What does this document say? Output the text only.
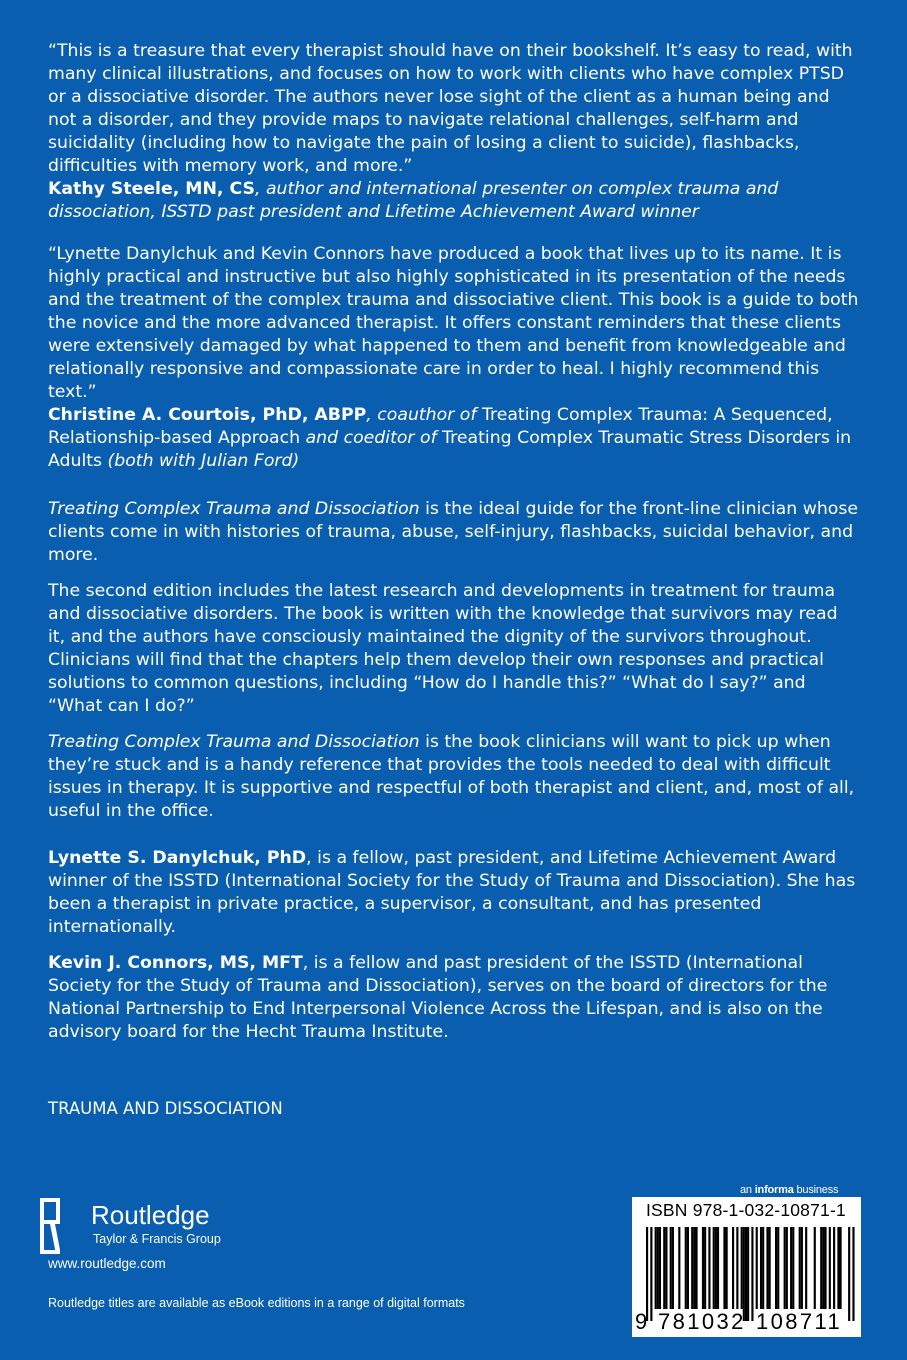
“This is a treasure that every therapist should have on their bookshelf. It’s easy to read, with many clinical illustrations, and focuses on how to work with clients who have complex PTSD or a dissociative disorder. The authors never lose sight of the client as a human being and not a disorder, and they provide maps to navigate relational challenges, self-harm and suicidality (including how to navigate the pain of losing a client to suicide), flashbacks, difficulties with memory work, and more.”
Kathy Steele, MN, CS, author and international presenter on complex trauma and dissociation, ISSTD past president and Lifetime Achievement Award winner

“Lynette Danylchuk and Kevin Connors have produced a book that lives up to its name. It is highly practical and instructive but also highly sophisticated in its presentation of the needs and the treatment of the complex trauma and dissociative client. This book is a guide to both the novice and the more advanced therapist. It offers constant reminders that these clients were extensively damaged by what happened to them and benefit from knowledgeable and relationally responsive and compassionate care in order to heal. I highly recommend this text.”
Christine A. Courtois, PhD, ABPP, coauthor of Treating Complex Trauma: A Sequenced, Relationship-based Approach and coeditor of Treating Complex Traumatic Stress Disorders in Adults (both with Julian Ford)

Treating Complex Trauma and Dissociation is the ideal guide for the front-line clinician whose clients come in with histories of trauma, abuse, self-injury, flashbacks, suicidal behavior, and more.

The second edition includes the latest research and developments in treatment for trauma and dissociative disorders. The book is written with the knowledge that survivors may read it, and the authors have consciously maintained the dignity of the survivors throughout. Clinicians will find that the chapters help them develop their own responses and practical solutions to common questions, including “How do I handle this?” “What do I say?” and “What can I do?”

Treating Complex Trauma and Dissociation is the book clinicians will want to pick up when they’re stuck and is a handy reference that provides the tools needed to deal with difficult issues in therapy. It is supportive and respectful of both therapist and client, and, most of all, useful in the office.

Lynette S. Danylchuk, PhD, is a fellow, past president, and Lifetime Achievement Award winner of the ISSTD (International Society for the Study of Trauma and Dissociation). She has been a therapist in private practice, a supervisor, a consultant, and has presented internationally.

Kevin J. Connors, MS, MFT, is a fellow and past president of the ISSTD (International Society for the Study of Trauma and Dissociation), serves on the board of directors for the National Partnership to End Interpersonal Violence Across the Lifespan, and is also on the advisory board for the Hecht Trauma Institute.

TRAUMA AND DISSOCIATION
Routledge
Taylor & Francis Group
www.routledge.com
Routledge titles are available as eBook editions in a range of digital formats
an informa business
ISBN 978-1-032-10871-1
9 781032 108711
